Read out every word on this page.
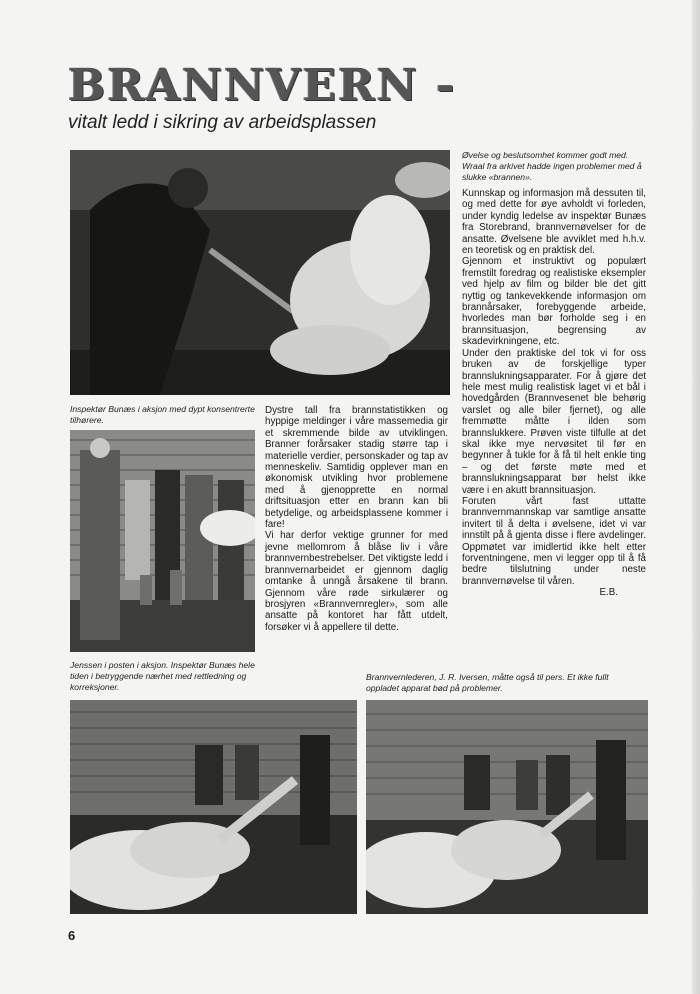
BRANNVERN -

vitalt ledd i sikring av arbeidsplassen

Inspektør Bunæs i aksjon med dypt konsentrerte tilhørere.

Jenssen i posten i aksjon. Inspektør Bunæs hele tiden i betryggende nærhet med rettledning og korreksjoner.

Dystre tall fra brannstatistikken og hyppige meldinger i våre massemedia gir et skremmende bilde av utviklingen. Branner forårsaker stadig større tap i materielle verdier, personskader og tap av menneskeliv. Samtidig opplever man en økonomisk utvikling hvor problemene med å gjenopprette en normal driftsituasjon etter en brann kan bli betydelige, og arbeidsplassene kommer i fare!

Vi har derfor vektige grunner for med jevne mellomrom å blåse liv i våre brannvernbestrebelser. Det viktigste ledd i brannvernarbeidet er gjennom daglig omtanke å unngå årsakene til brann. Gjennom våre røde sirkulærer og brosjyren «Brannvernregler», som alle ansatte på kontoret har fått utdelt, forsøker vi å appellere til dette.

Øvelse og beslutsomhet kommer godt med. Wraal fra arkivet hadde ingen problemer med å slukke «brannen».

Kunnskap og informasjon må dessuten til, og med dette for øye avholdt vi forleden, under kyndig ledelse av inspektør Bunæs fra Storebrand, brannvernøvelser for de ansatte. Øvelsene ble avviklet med h.h.v. en teoretisk og en praktisk del.

Gjennom et instruktivt og populært fremstilt foredrag og realistiske eksempler ved hjelp av film og bilder ble det gitt nyttig og tankevekkende informasjon om brannårsaker, forebyggende arbeide, hvorledes man bør forholde seg i en brannsituasjon, begrensing av skadevirkningene, etc.

Under den praktiske del tok vi for oss bruken av de forskjellige typer brannslukningsapparater. For å gjøre det hele mest mulig realistisk laget vi et bål i hovedgården (Brannvesenet ble behørig varslet og alle biler fjernet), og alle fremmøtte måtte i ilden som brannslukkere. Prøven viste tilfulle at det skal ikke mye nervøsitet til før en begynner å tukle for å få til helt enkle ting – og det første møte med et brannslukningsapparat bør helst ikke være i en akutt brannsituasjon.

Foruten vårt fast uttatte brannvernmannskap var samtlige ansatte invitert til å delta i øvelsene, idet vi var innstilt på å gjenta disse i flere avdelinger. Oppmøtet var imidlertid ikke helt etter forventningene, men vi legger opp til å få bedre tilslutning under neste brannvernøvelse til våren.

E.B.

Brannvernlederen, J. R. Iversen, måtte også til pers. Et ikke fullt oppladet apparat bød på problemer.

6
